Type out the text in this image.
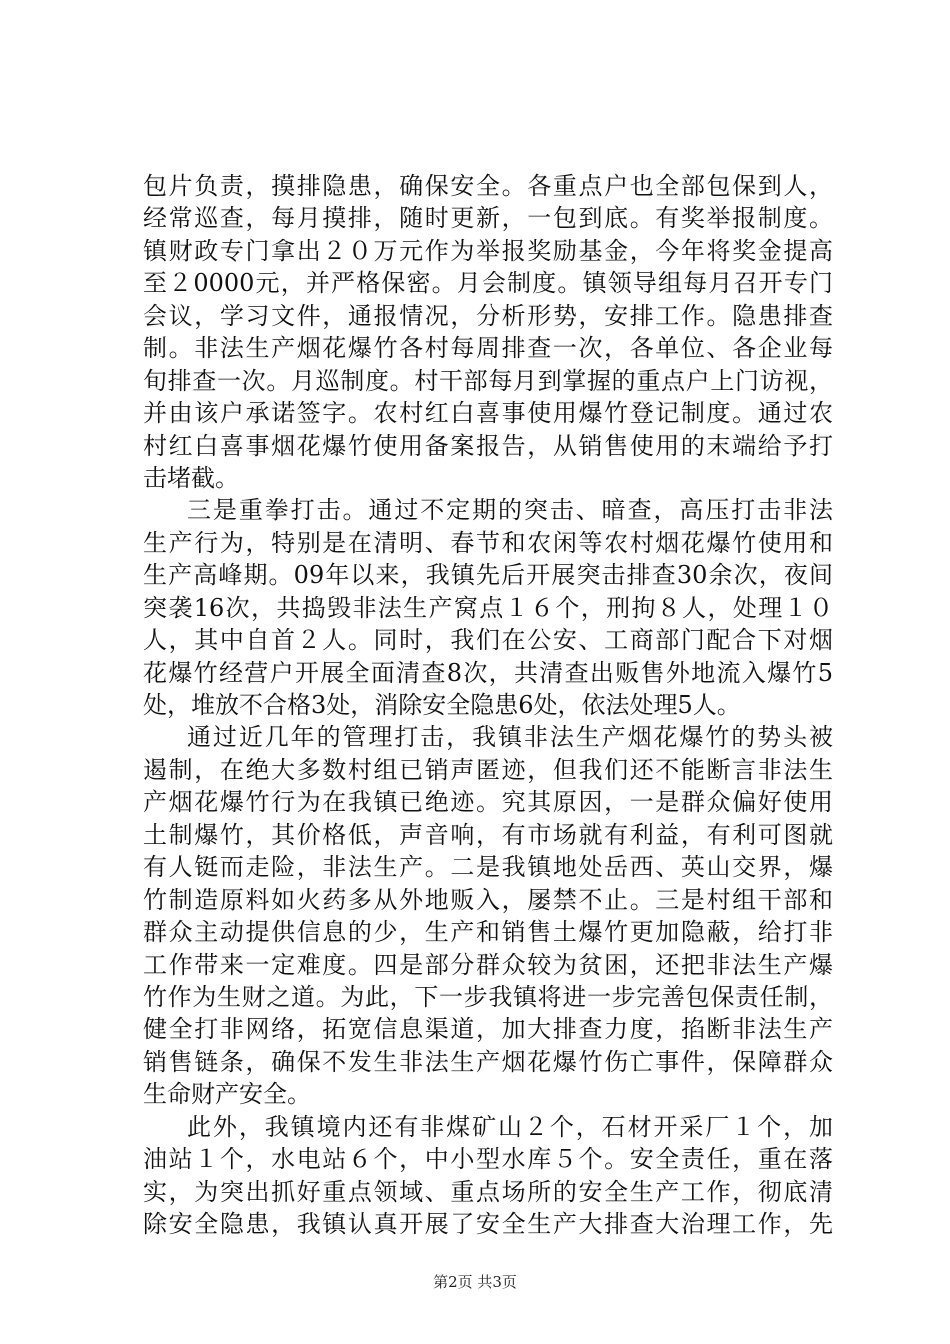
包片负责，摸排隐患，确保安全。各重点户也全部包保到人，
经常巡查，每月摸排，随时更新，一包到底。有奖举报制度。
镇财政专门拿出２０万元作为举报奖励基金，今年将奖金提高
至２0000元，并严格保密。月会制度。镇领导组每月召开专门
会议，学习文件，通报情况，分析形势，安排工作。隐患排查
制。非法生产烟花爆竹各村每周排查一次，各单位、各企业每
旬排查一次。月巡制度。村干部每月到掌握的重点户上门访视，
并由该户承诺签字。农村红白喜事使用爆竹登记制度。通过农
村红白喜事烟花爆竹使用备案报告，从销售使用的末端给予打
击堵截。
三是重拳打击。通过不定期的突击、暗查，高压打击非法
生产行为，特别是在清明、春节和农闲等农村烟花爆竹使用和
生产高峰期。09年以来，我镇先后开展突击排查30余次，夜间
突袭16次，共捣毁非法生产窝点１６个，刑拘８人，处理１０
人，其中自首２人。同时，我们在公安、工商部门配合下对烟
花爆竹经营户开展全面清查8次，共清查出贩售外地流入爆竹5
处，堆放不合格3处，消除安全隐患6处，依法处理5人。
通过近几年的管理打击，我镇非法生产烟花爆竹的势头被
遏制，在绝大多数村组已销声匿迹，但我们还不能断言非法生
产烟花爆竹行为在我镇已绝迹。究其原因，一是群众偏好使用
土制爆竹，其价格低，声音响，有市场就有利益，有利可图就
有人铤而走险，非法生产。二是我镇地处岳西、英山交界，爆
竹制造原料如火药多从外地贩入，屡禁不止。三是村组干部和
群众主动提供信息的少，生产和销售土爆竹更加隐蔽，给打非
工作带来一定难度。四是部分群众较为贫困，还把非法生产爆
竹作为生财之道。为此，下一步我镇将进一步完善包保责任制，
健全打非网络，拓宽信息渠道，加大排查力度，掐断非法生产
销售链条，确保不发生非法生产烟花爆竹伤亡事件，保障群众
生命财产安全。
此外，我镇境内还有非煤矿山２个，石材开采厂１个，加
油站１个，水电站６个，中小型水库５个。安全责任，重在落
实，为突出抓好重点领域、重点场所的安全生产工作，彻底清
除安全隐患，我镇认真开展了安全生产大排查大治理工作，先
第2页 共3页
